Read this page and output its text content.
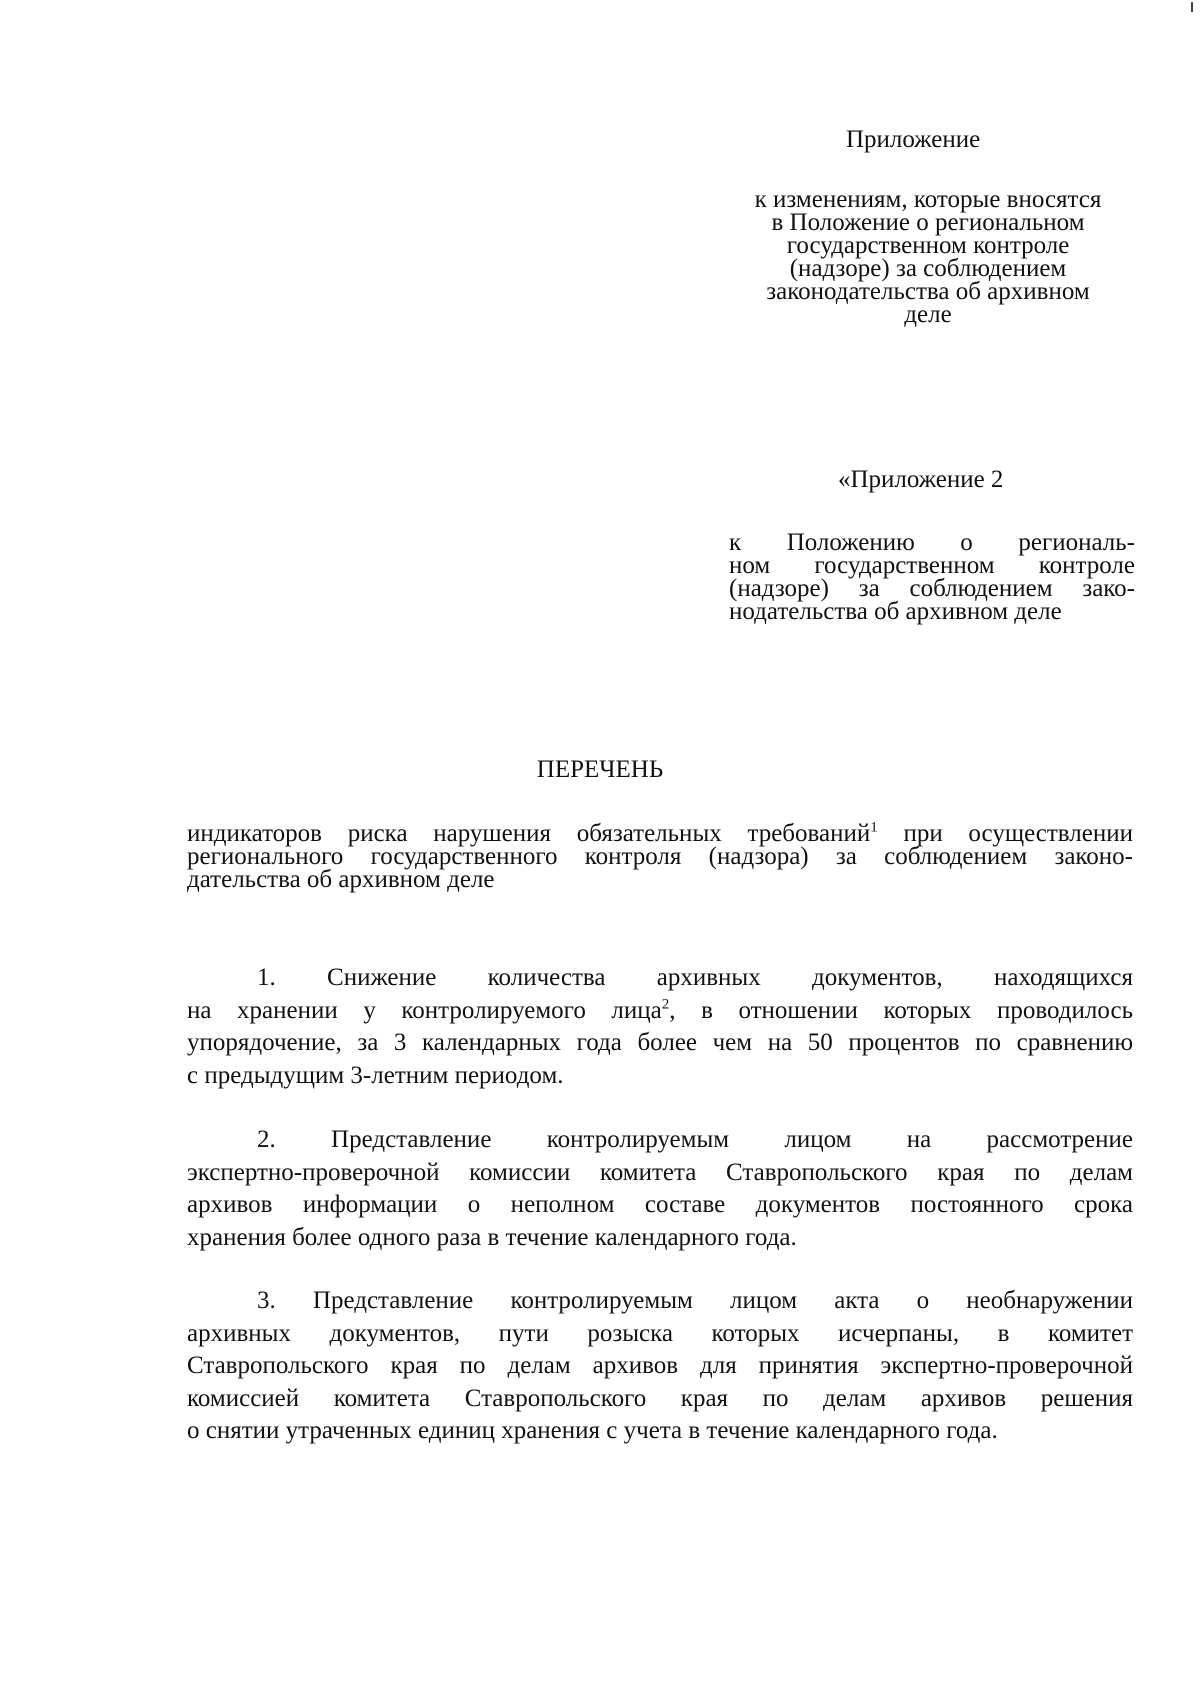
Приложение
к изменениям, которые вносятся
в Положение о региональном
государственном контроле
(надзоре) за соблюдением
законодательства об архивном
деле
«Приложение 2
к Положению о региональ-
ном государственном контроле
(надзоре) за соблюдением зако-
нодательства об архивном деле
ПЕРЕЧЕНЬ
индикаторов риска нарушения обязательных требований$^1$ при осуществлении
регионального государственного контроля (надзора) за соблюдением законо-
дательства об архивном деле
1. Снижение количества архивных документов, находящихся
на хранении у контролируемого лица$^2$, в отношении которых проводилось
упорядочение, за 3 календарных года более чем на 50 процентов по сравнению
с предыдущим 3-летним периодом.
2. Представление контролируемым лицом на рассмотрение
экспертно-проверочной комиссии комитета Ставропольского края по делам
архивов информации о неполном составе документов постоянного срока
хранения более одного раза в течение календарного года.
3. Представление контролируемым лицом акта о необнаружении
архивных документов, пути розыска которых исчерпаны, в комитет
Ставропольского края по делам архивов для принятия экспертно-проверочной
комиссией комитета Ставропольского края по делам архивов решения
о снятии утраченных единиц хранения с учета в течение календарного года.
